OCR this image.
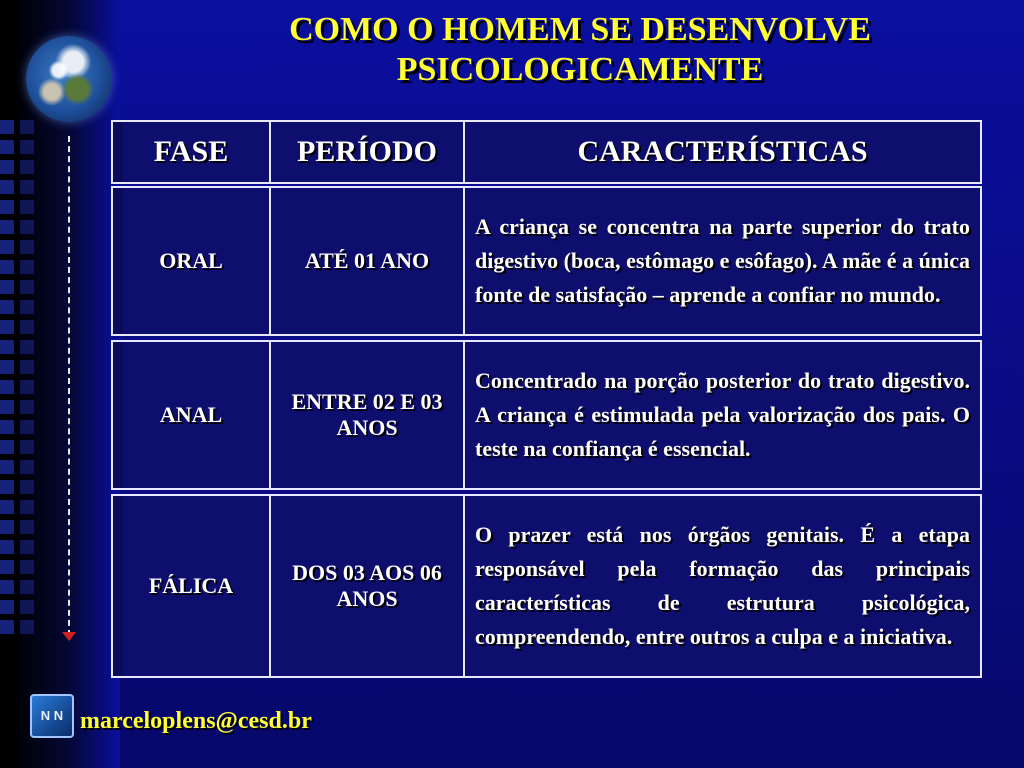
COMO O HOMEM SE DESENVOLVE
PSICOLOGICAMENTE
FASE	PERÍODO	CARACTERÍSTICAS
ORAL	ATÉ 01 ANO	A criança se concentra na parte superior do trato digestivo (boca, estômago e esôfago). A mãe é a única fonte de satisfação – aprende a confiar no mundo.
ANAL	ENTRE 02 E 03 ANOS	Concentrado na porção posterior do trato digestivo. A criança é estimulada pela valorização dos pais. O teste na confiança é essencial.
FÁLICA	DOS 03 AOS 06 ANOS	O prazer está nos órgãos genitais. É a etapa responsável pela formação das principais características de estrutura psicológica, compreendendo, entre outros a culpa e a iniciativa.
N N marceloplens@cesd.br
